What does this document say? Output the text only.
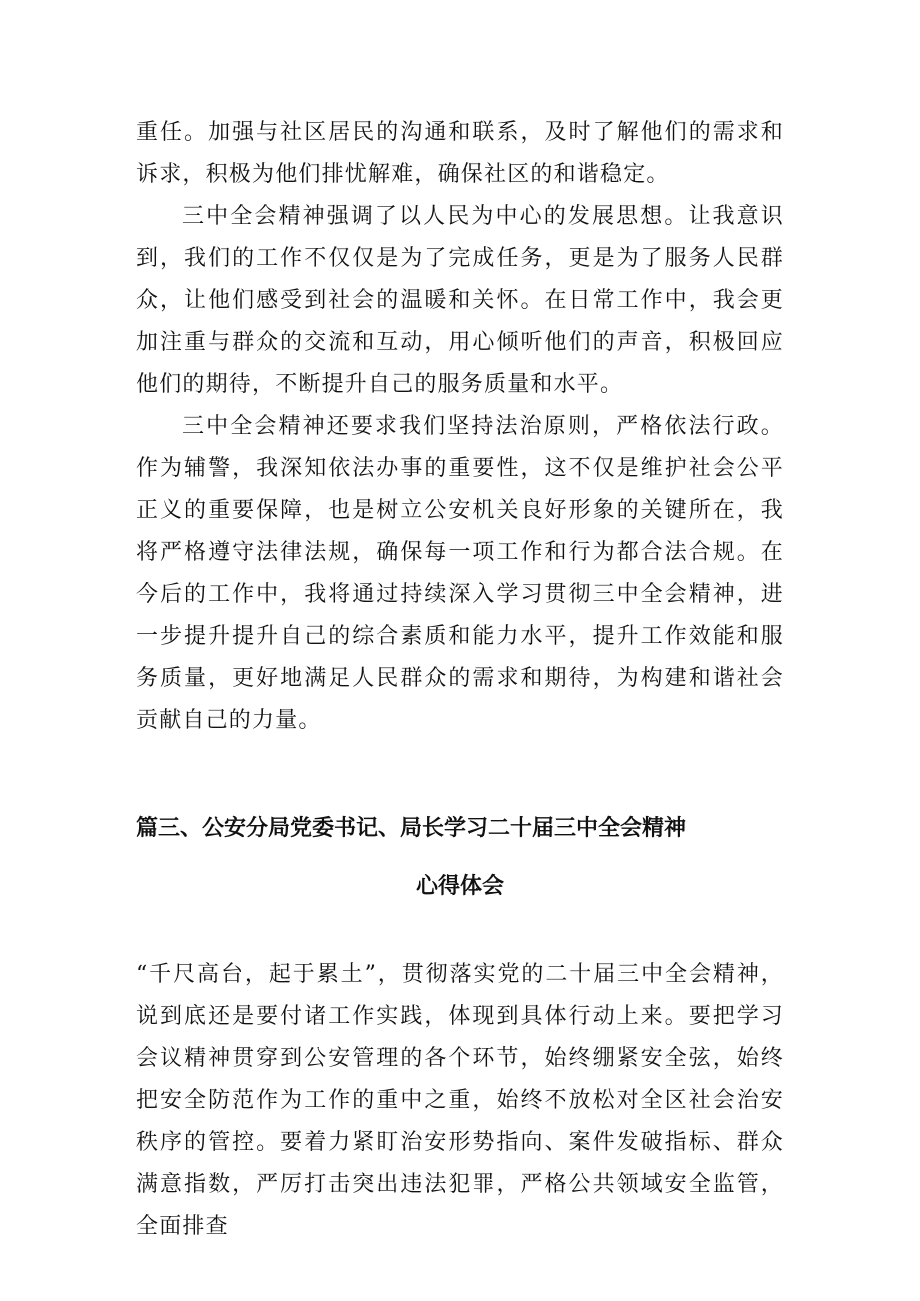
重任。加强与社区居民的沟通和联系，及时了解他们的需求和诉求，积极为他们排忧解难，确保社区的和谐稳定。

三中全会精神强调了以人民为中心的发展思想。让我意识到，我们的工作不仅仅是为了完成任务，更是为了服务人民群众，让他们感受到社会的温暖和关怀。在日常工作中，我会更加注重与群众的交流和互动，用心倾听他们的声音，积极回应他们的期待，不断提升自己的服务质量和水平。

三中全会精神还要求我们坚持法治原则，严格依法行政。作为辅警，我深知依法办事的重要性，这不仅是维护社会公平正义的重要保障，也是树立公安机关良好形象的关键所在，我将严格遵守法律法规，确保每一项工作和行为都合法合规。在今后的工作中，我将通过持续深入学习贯彻三中全会精神，进一步提升提升自己的综合素质和能力水平，提升工作效能和服务质量，更好地满足人民群众的需求和期待，为构建和谐社会贡献自己的力量。

篇三、公安分局党委书记、局长学习二十届三中全会精神
心得体会

“千尺高台，起于累土”，贯彻落实党的二十届三中全会精神，说到底还是要付诸工作实践，体现到具体行动上来。要把学习会议精神贯穿到公安管理的各个环节，始终绷紧安全弦，始终把安全防范作为工作的重中之重，始终不放松对全区社会治安秩序的管控。要着力紧盯治安形势指向、案件发破指标、群众满意指数，严厉打击突出违法犯罪，严格公共领域安全监管，全面排查
